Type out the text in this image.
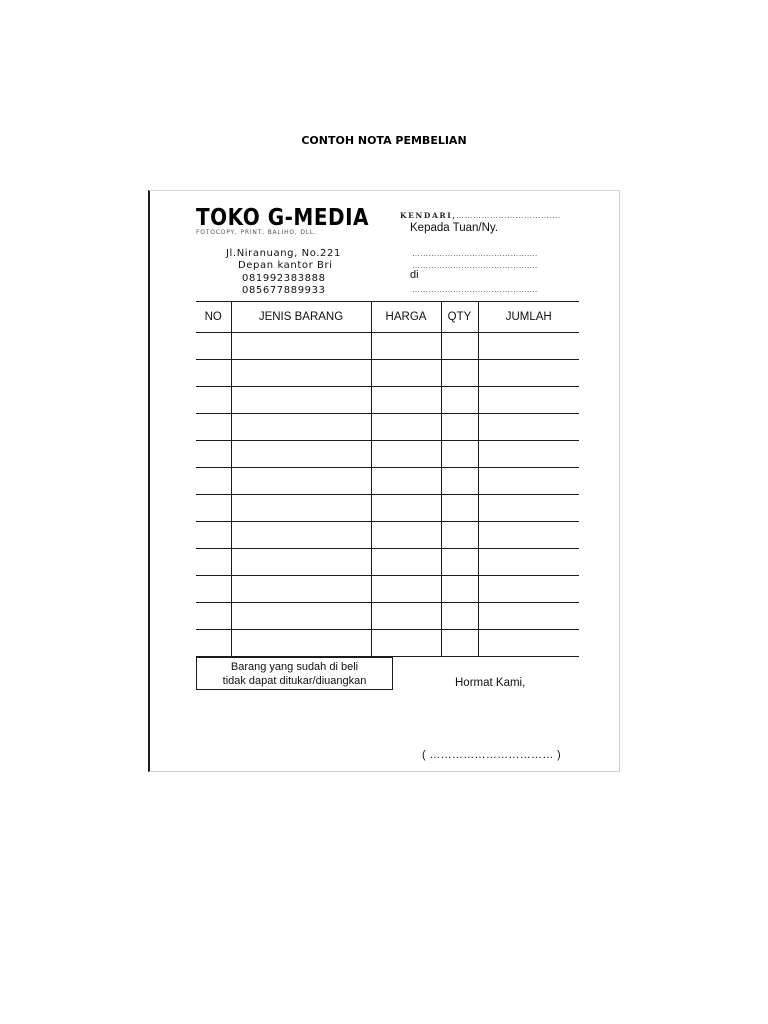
CONTOH NOTA PEMBELIAN
TOKO G-MEDIA
FOTOCOPY, PRINT, BALIHO, DLL.
Jl.Niranuang, No.221
Depan kantor Bri
081992383888
085677889933
KENDARI, ……………………………….
Kepada Tuan/Ny.
……………………………………….
……………………………………….
di
……………………………………….
NO	JENIS BARANG	HARGA	QTY	JUMLAH

Barang yang sudah di beli
tidak dapat ditukar/diuangkan	Hormat Kami,
( …………………………… )
